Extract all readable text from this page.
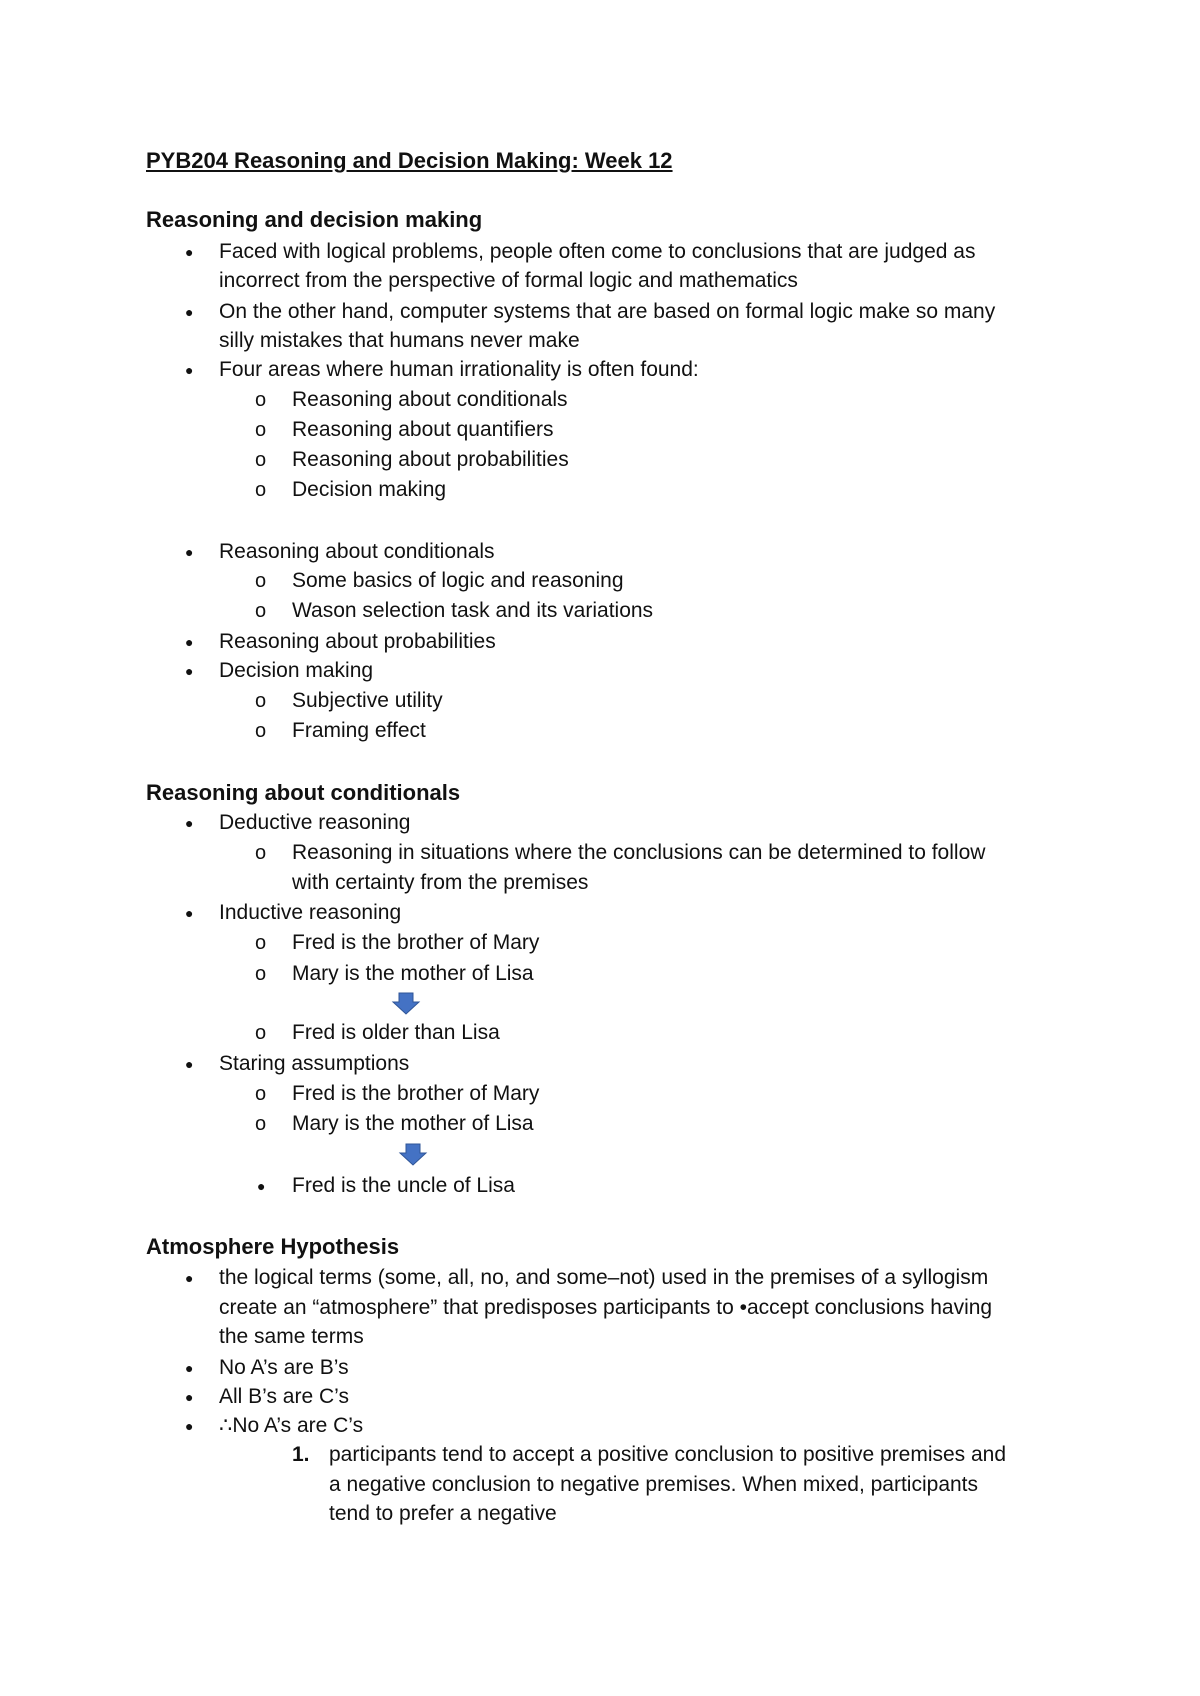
PYB204 Reasoning and Decision Making: Week 12
Reasoning and decision making
● Faced with logical problems, people often come to conclusions that are judged as
incorrect from the perspective of formal logic and mathematics
● On the other hand, computer systems that are based on formal logic make so many
silly mistakes that humans never make
● Four areas where human irrationality is often found:
o Reasoning about conditionals
o Reasoning about quantifiers
o Reasoning about probabilities
o Decision making
● Reasoning about conditionals
o Some basics of logic and reasoning
o Wason selection task and its variations
● Reasoning about probabilities
● Decision making
o Subjective utility
o Framing effect
Reasoning about conditionals
● Deductive reasoning
o Reasoning in situations where the conclusions can be determined to follow
with certainty from the premises
● Inductive reasoning
o Fred is the brother of Mary
o Mary is the mother of Lisa
o Fred is older than Lisa
● Staring assumptions
o Fred is the brother of Mary
o Mary is the mother of Lisa
● Fred is the uncle of Lisa
Atmosphere Hypothesis
● the logical terms (some, all, no, and some–not) used in the premises of a syllogism
create an “atmosphere” that predisposes participants to •accept conclusions having
the same terms
● No A’s are B’s
● All B’s are C’s
● ∴No A’s are C’s
1. participants tend to accept a positive conclusion to positive premises and
a negative conclusion to negative premises. When mixed, participants
tend to prefer a negative
